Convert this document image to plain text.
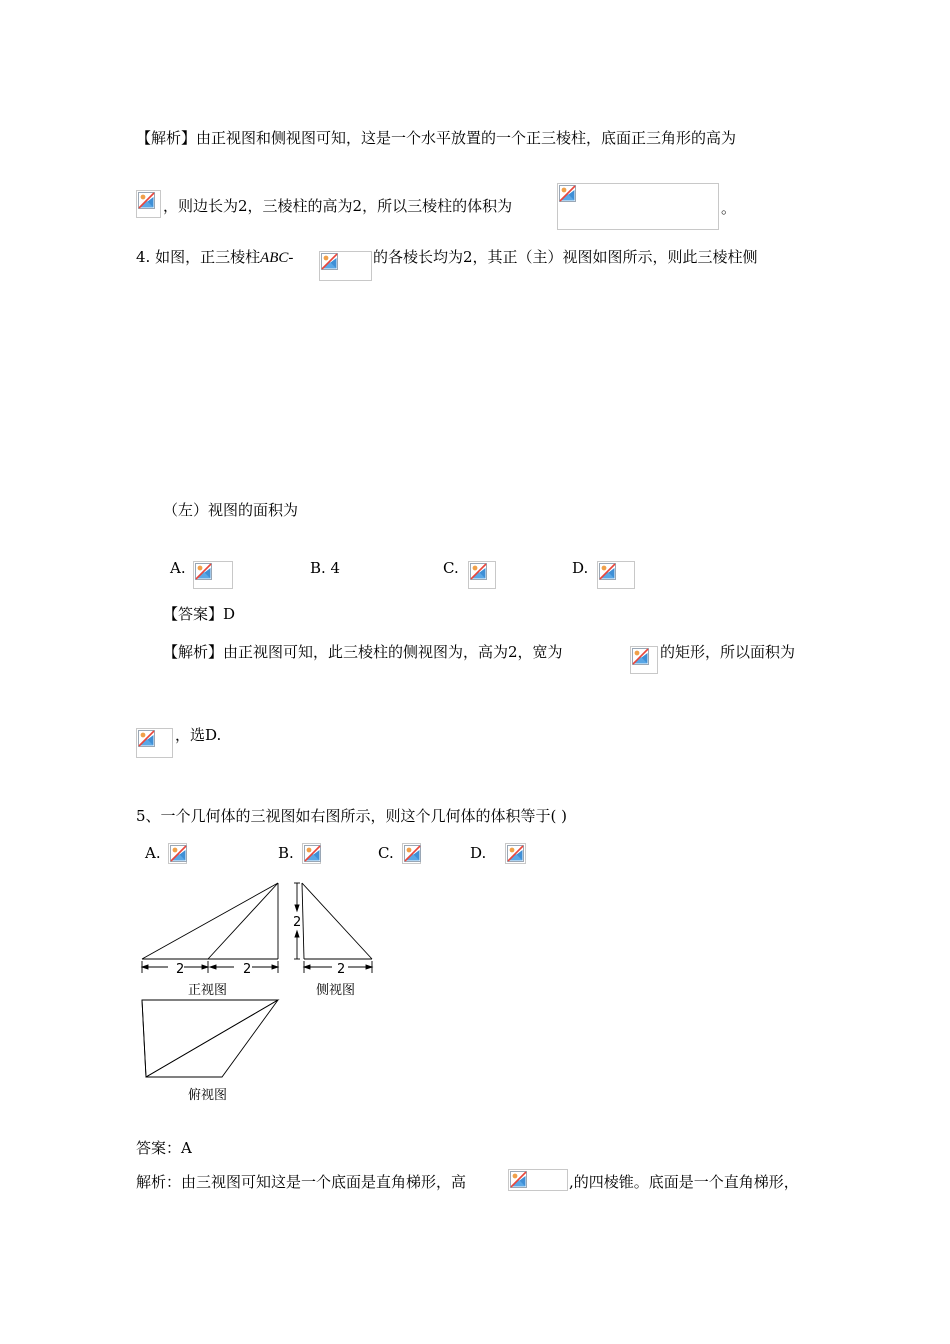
【解析】由正视图和侧视图可知，这是一个水平放置的一个正三棱柱，底面正三角形的高为
，则边长为2，三棱柱的高为2，所以三棱柱的体积为	。
4. 如图，正三棱柱ABC-	的各棱长均为2，其正（主）视图如图所示，则此三棱柱侧
（左）视图的面积为
A.	B. 4	C.	D.
【答案】D
【解析】由正视图可知，此三棱柱的侧视图为，高为2，宽为	的矩形，所以面积为
，选D.
5、一个几何体的三视图如右图所示，则这个几何体的体积等于( )
A.	B.	C.	D.
2	2
2
2
正视图	侧视图
俯视图
答案：A
解析：由三视图可知这是一个底面是直角梯形，高	,的四棱锥。底面是一个直角梯形，
